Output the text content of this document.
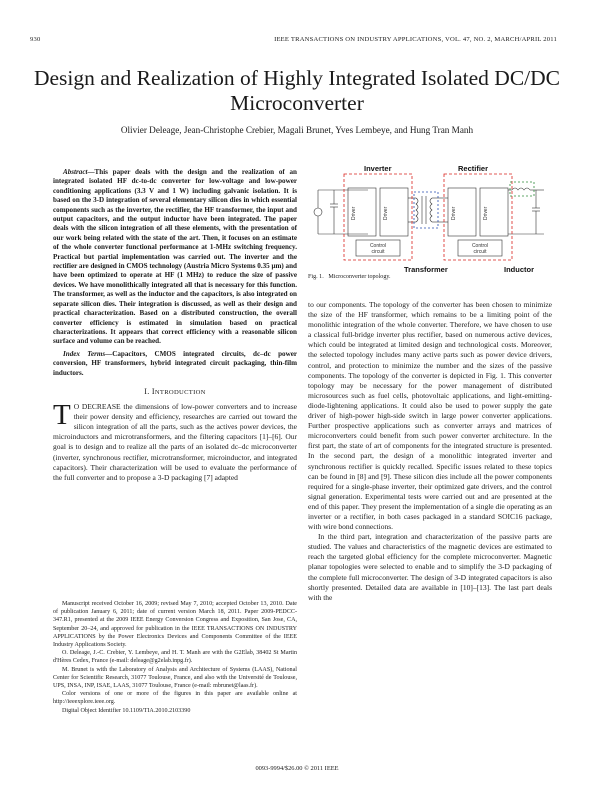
930	IEEE TRANSACTIONS ON INDUSTRY APPLICATIONS, VOL. 47, NO. 2, MARCH/APRIL 2011
Design and Realization of Highly Integrated Isolated DC/DC Microconverter
Olivier Deleage, Jean-Christophe Crebier, Magali Brunet, Yves Lembeye, and Hung Tran Manh

Abstract—This paper deals with the design and the realization of an integrated isolated HF dc-to-dc converter for low-voltage and low-power conditioning applications (3.3 V and 1 W) including galvanic isolation. It is based on the 3-D integration of several elementary silicon dies in which essential components such as the inverter, the rectifier, the HF transformer, the input and output capacitors, and the output inductor have been integrated. The paper deals with the silicon integration of all these elements, with the presentation of our work being related with the state of the art. Then, it focuses on an estimate of the whole converter functional performance at 1-MHz switching frequency. Practical but partial implementation was carried out. The inverter and the rectifier are designed in CMOS technology (Austria Micro Systems 0.35 μm) and have been optimized to operate at HF (1 MHz) to reduce the size of passive devices. We have monolithically integrated all that is necessary for this function. The transformer, as well as the inductor and the capacitors, is also integrated on separate silicon dies. Their integration is discussed, as well as their design and practical characterization. Based on a distributed construction, the overall converter efficiency is estimated in simulation based on practical characterizations. It appears that correct efficiency with a reasonable silicon surface and volume can be reached.

Index Terms—Capacitors, CMOS integrated circuits, dc–dc power conversion, HF transformers, hybrid integrated circuit packaging, thin-film inductors.

I. INTRODUCTION

T O DECREASE the dimensions of low-power converters and to increase their power density and efficiency, researches are carried out toward the silicon integration of all the parts, such as the actives power devices, the microinductors and microtransformers, and the filtering capacitors [1]–[6]. Our goal is to design and to realize all the parts of an isolated dc–dc microconverter (inverter, synchronous rectifier, microtransformer, microinductor, and integrated capacitors). Their characterization will be used to evaluate the performance of the full converter and to propose a 3-D packaging [7] adapted

Manuscript received October 16, 2009; revised May 7, 2010; accepted October 13, 2010. Date of publication January 6, 2011; date of current version March 18, 2011. Paper 2009-PEDCC-347.R1, presented at the 2009 IEEE Energy Conversion Congress and Exposition, San Jose, CA, September 20–24, and approved for publication in the IEEE TRANSACTIONS ON INDUSTRY APPLICATIONS by the Power Electronics Devices and Components Committee of the IEEE Industry Applications Society.

O. Deleage, J.-C. Crebier, Y. Lembeye, and H. T. Manh are with the G2Elab, 38402 St Martin d'Hères Cedex, France (e-mail: deleage@g2elab.inpg.fr).

M. Brunet is with the Laboratory of Analysis and Architecture of Systems (LAAS), National Center for Scientific Research, 31077 Toulouse, France, and also with the Université de Toulouse, UPS, INSA, INP, ISAE, LAAS, 31077 Toulouse, France (e-mail: mbrunet@laas.fr).

Color versions of one or more of the figures in this paper are available online at http://ieeexplore.ieee.org.

Digital Object Identifier 10.1109/TIA.2010.2103390

Driver	Driver	Driver	Driver
Control
circuit
Control
circuit
Inverter	Rectifier
Transformer	Inductor
Fig. 1. Microconverter topology.

to our components. The topology of the converter has been chosen to minimize the size of the HF transformer, which remains to be a limiting point of the monolithic integration of the whole converter. Therefore, we have chosen to use a classical full-bridge inverter plus rectifier, based on numerous active devices, which could be integrated at limited design and technological costs. Moreover, the selected topology includes many active parts such as power device drivers, control, and protection to minimize the number and the sizes of the passive components. The topology of the converter is depicted in Fig. 1. This converter topology may be necessary for the power management of distributed microsources such as fuel cells, photovoltaic applications, and light-emitting-diode-lightening applications. It could also be used to power supply the gate driver of high-power high-side switch in large power converter applications. Further prospective applications such as converter arrays and matrices of microconverters could benefit from such power converter architecture. In the first part, the state of art of components for the integrated structure is presented. In the second part, the design of a monolithic integrated inverter and synchronous rectifier is quickly recalled. Specific issues related to these topics can be found in [8] and [9]. These silicon dies include all the power components required for a single-phase inverter, their optimized gate drivers, and the control signal generation. Experimental tests were carried out and are presented at the end of this paper. They present the implementation of a single die operating as an inverter or a rectifier, in both cases packaged in a standard SOIC16 package, with wire bond connections.

In the third part, integration and characterization of the passive parts are studied. The values and characteristics of the magnetic devices are estimated to reach the targeted global efficiency for the complete microconverter. Magnetic planar topologies were selected to enable and to simplify the 3-D packaging of the complete full microconverter. The design of 3-D integrated capacitors is also shortly presented. Detailed data are available in [10]–[13]. The last part deals with the

0093-9994/$26.00 © 2011 IEEE
